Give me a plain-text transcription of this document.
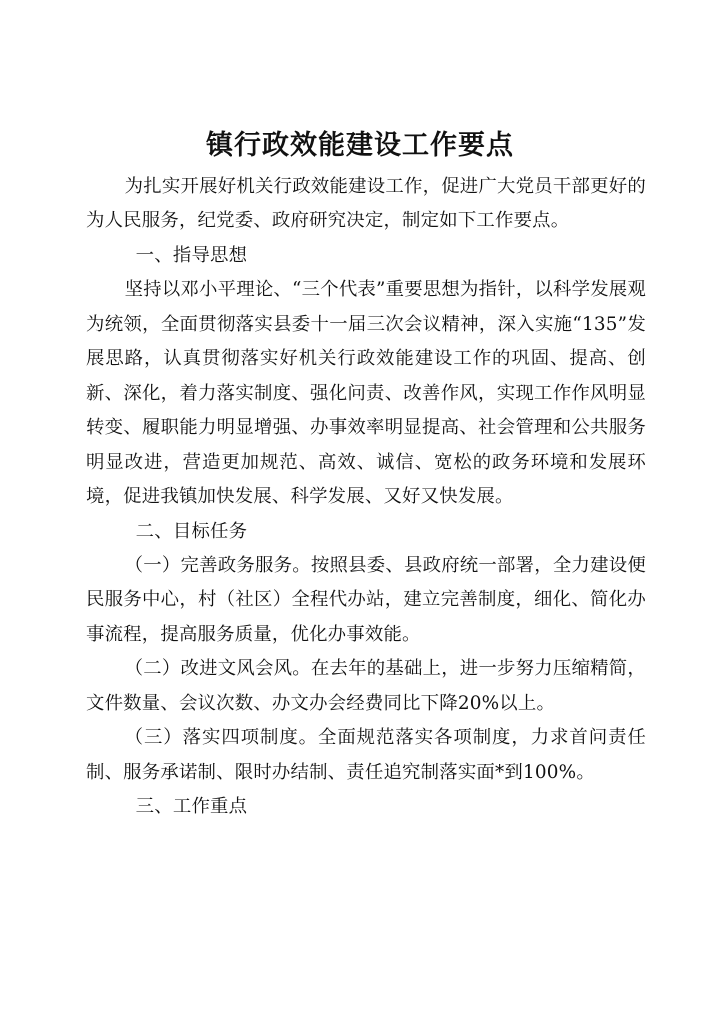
镇行政效能建设工作要点

为扎实开展好机关行政效能建设工作，促进广大党员干部更好的为人民服务，纪党委、政府研究决定，制定如下工作要点。

一、指导思想

坚持以邓小平理论、“三个代表”重要思想为指针，以科学发展观为统领，全面贯彻落实县委十一届三次会议精神，深入实施“135”发展思路，认真贯彻落实好机关行政效能建设工作的巩固、提高、创新、深化，着力落实制度、强化问责、改善作风，实现工作作风明显转变、履职能力明显增强、办事效率明显提高、社会管理和公共服务明显改进，营造更加规范、高效、诚信、宽松的政务环境和发展环境，促进我镇加快发展、科学发展、又好又快发展。

二、目标任务

（一）完善政务服务。按照县委、县政府统一部署，全力建设便民服务中心，村（社区）全程代办站，建立完善制度，细化、简化办事流程，提高服务质量，优化办事效能。

（二）改进文风会风。在去年的基础上，进一步努力压缩精简，文件数量、会议次数、办文办会经费同比下降20%以上。

（三）落实四项制度。全面规范落实各项制度，力求首问责任制、服务承诺制、限时办结制、责任追究制落实面*到100%。

三、工作重点
